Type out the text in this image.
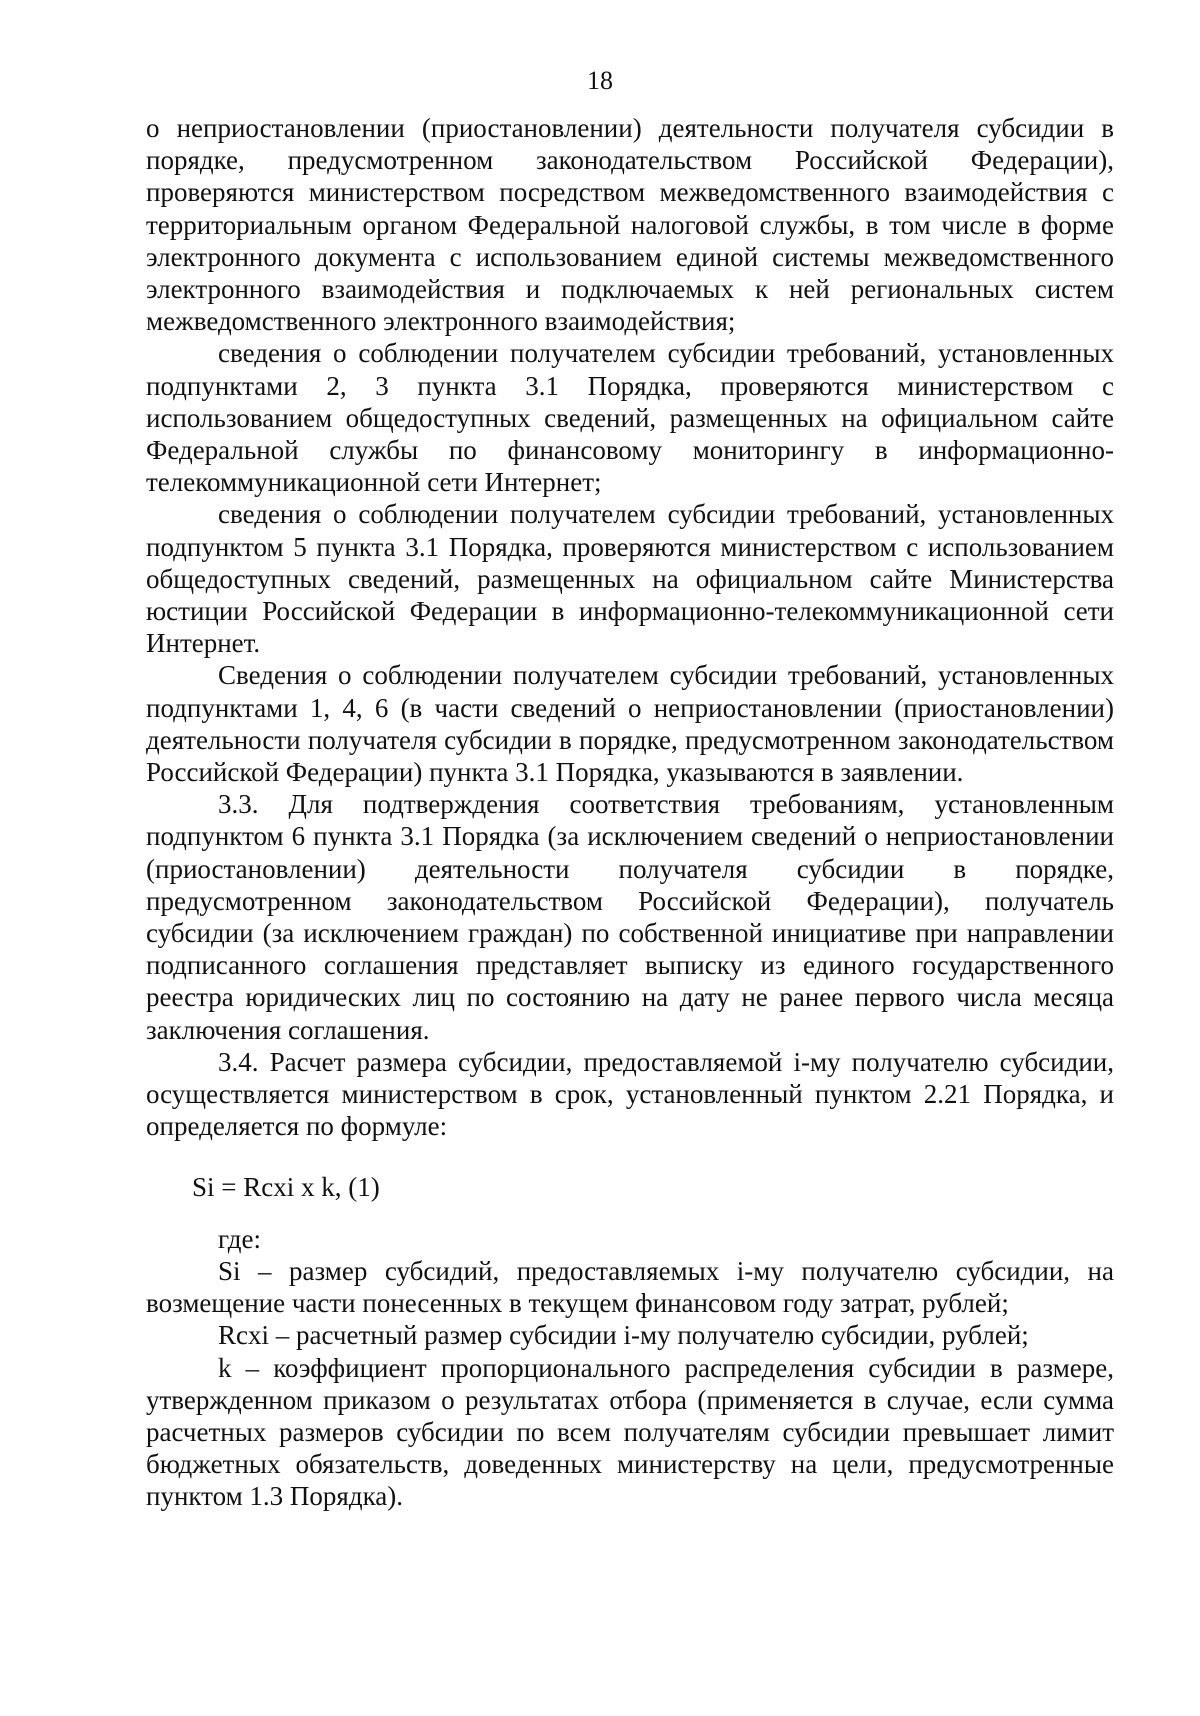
18

о неприостановлении (приостановлении) деятельности получателя субсидии в порядке, предусмотренном законодательством Российской Федерации), проверяются министерством посредством межведомственного взаимодействия с территориальным органом Федеральной налоговой службы, в том числе в форме электронного документа с использованием единой системы межведомственного электронного взаимодействия и подключаемых к ней региональных систем межведомственного электронного взаимодействия;

сведения о соблюдении получателем субсидии требований, установленных подпунктами 2, 3 пункта 3.1 Порядка, проверяются министерством с использованием общедоступных сведений, размещенных на официальном сайте Федеральной службы по финансовому мониторингу в информационно-телекоммуникационной сети Интернет;

сведения о соблюдении получателем субсидии требований, установленных подпунктом 5 пункта 3.1 Порядка, проверяются министерством с использованием общедоступных сведений, размещенных на официальном сайте Министерства юстиции Российской Федерации в информационно-телекоммуникационной сети Интернет.

Сведения о соблюдении получателем субсидии требований, установленных подпунктами 1, 4, 6 (в части сведений о неприостановлении (приостановлении) деятельности получателя субсидии в порядке, предусмотренном законодательством Российской Федерации) пункта 3.1 Порядка, указываются в заявлении.

3.3. Для подтверждения соответствия требованиям, установленным подпунктом 6 пункта 3.1 Порядка (за исключением сведений о неприостановлении (приостановлении) деятельности получателя субсидии в порядке, предусмотренном законодательством Российской Федерации), получатель субсидии (за исключением граждан) по собственной инициативе при направлении подписанного соглашения представляет выписку из единого государственного реестра юридических лиц по состоянию на дату не ранее первого числа месяца заключения соглашения.

3.4. Расчет размера субсидии, предоставляемой i-му получателю субсидии, осуществляется министерством в срок, установленный пунктом 2.21 Порядка, и определяется по формуле:

Si = Rcxi x k, (1)

где:

Si – размер субсидий, предоставляемых i-му получателю субсидии, на возмещение части понесенных в текущем финансовом году затрат, рублей;

Rcxi – расчетный размер субсидии i-му получателю субсидии, рублей;

k – коэффициент пропорционального распределения субсидии в размере, утвержденном приказом о результатах отбора (применяется в случае, если сумма расчетных размеров субсидии по всем получателям субсидии превышает лимит бюджетных обязательств, доведенных министерству на цели, предусмотренные пунктом 1.3 Порядка).
